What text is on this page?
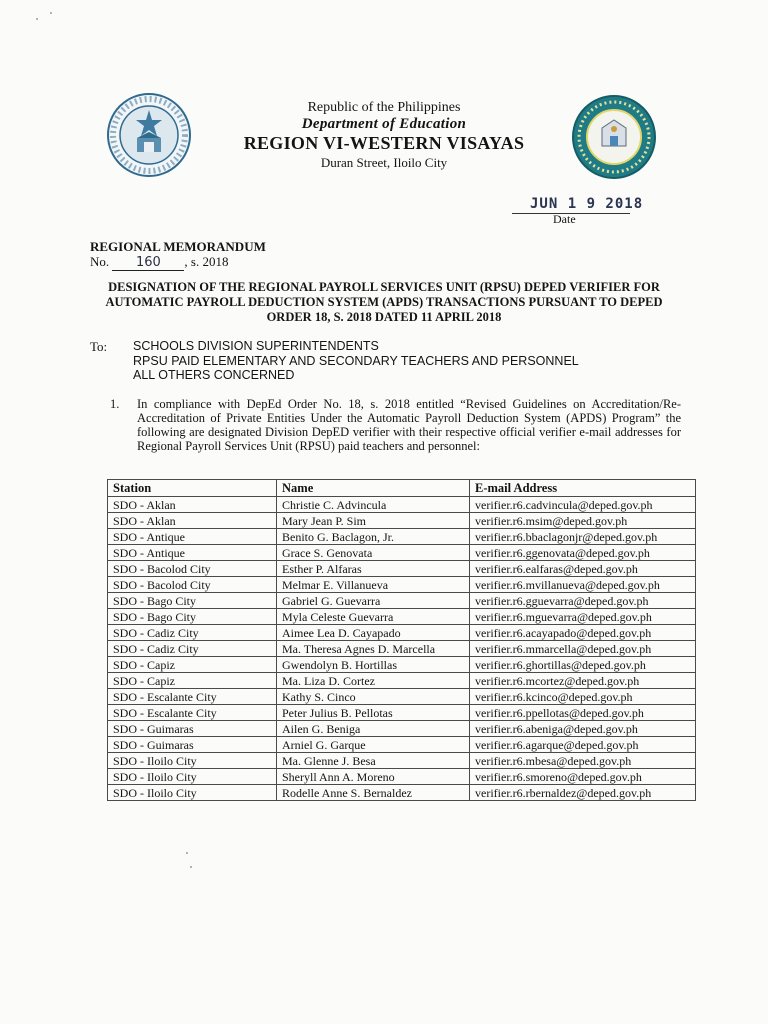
Republic of the Philippines
Department of Education
REGION VI-WESTERN VISAYAS
Duran Street, Iloilo City
JUN 1 9 2018
Date
REGIONAL MEMORANDUM
No. 160 , s. 2018
DESIGNATION OF THE REGIONAL PAYROLL SERVICES UNIT (RPSU) DEPED VERIFIER FOR AUTOMATIC PAYROLL DEDUCTION SYSTEM (APDS) TRANSACTIONS PURSUANT TO DEPED ORDER 18, S. 2018 DATED 11 APRIL 2018
To: SCHOOLS DIVISION SUPERINTENDENTS
RPSU PAID ELEMENTARY AND SECONDARY TEACHERS AND PERSONNEL
ALL OTHERS CONCERNED
1. In compliance with DepEd Order No. 18, s. 2018 entitled “Revised Guidelines on Accreditation/Re-Accreditation of Private Entities Under the Automatic Payroll Deduction System (APDS) Program” the following are designated Division DepED verifier with their respective official verifier e-mail addresses for Regional Payroll Services Unit (RPSU) paid teachers and personnel:
Station	Name	E-mail Address
SDO - Aklan	Christie C. Advincula	verifier.r6.cadvincula@deped.gov.ph
SDO - Aklan	Mary Jean P. Sim	verifier.r6.msim@deped.gov.ph
SDO - Antique	Benito G. Baclagon, Jr.	verifier.r6.bbaclagonjr@deped.gov.ph
SDO - Antique	Grace S. Genovata	verifier.r6.ggenovata@deped.gov.ph
SDO - Bacolod City	Esther P. Alfaras	verifier.r6.ealfaras@deped.gov.ph
SDO - Bacolod City	Melmar E. Villanueva	verifier.r6.mvillanueva@deped.gov.ph
SDO - Bago City	Gabriel G. Guevarra	verifier.r6.gguevarra@deped.gov.ph
SDO - Bago City	Myla Celeste Guevarra	verifier.r6.mguevarra@deped.gov.ph
SDO - Cadiz City	Aimee Lea D. Cayapado	verifier.r6.acayapado@deped.gov.ph
SDO - Cadiz City	Ma. Theresa Agnes D. Marcella	verifier.r6.mmarcella@deped.gov.ph
SDO - Capiz	Gwendolyn B. Hortillas	verifier.r6.ghortillas@deped.gov.ph
SDO - Capiz	Ma. Liza D. Cortez	verifier.r6.mcortez@deped.gov.ph
SDO - Escalante City	Kathy S. Cinco	verifier.r6.kcinco@deped.gov.ph
SDO - Escalante City	Peter Julius B. Pellotas	verifier.r6.ppellotas@deped.gov.ph
SDO - Guimaras	Ailen G. Beniga	verifier.r6.abeniga@deped.gov.ph
SDO - Guimaras	Arniel G. Garque	verifier.r6.agarque@deped.gov.ph
SDO - Iloilo City	Ma. Glenne J. Besa	verifier.r6.mbesa@deped.gov.ph
SDO - Iloilo City	Sheryll Ann A. Moreno	verifier.r6.smoreno@deped.gov.ph
SDO - Iloilo City	Rodelle Anne S. Bernaldez	verifier.r6.rbernaldez@deped.gov.ph
